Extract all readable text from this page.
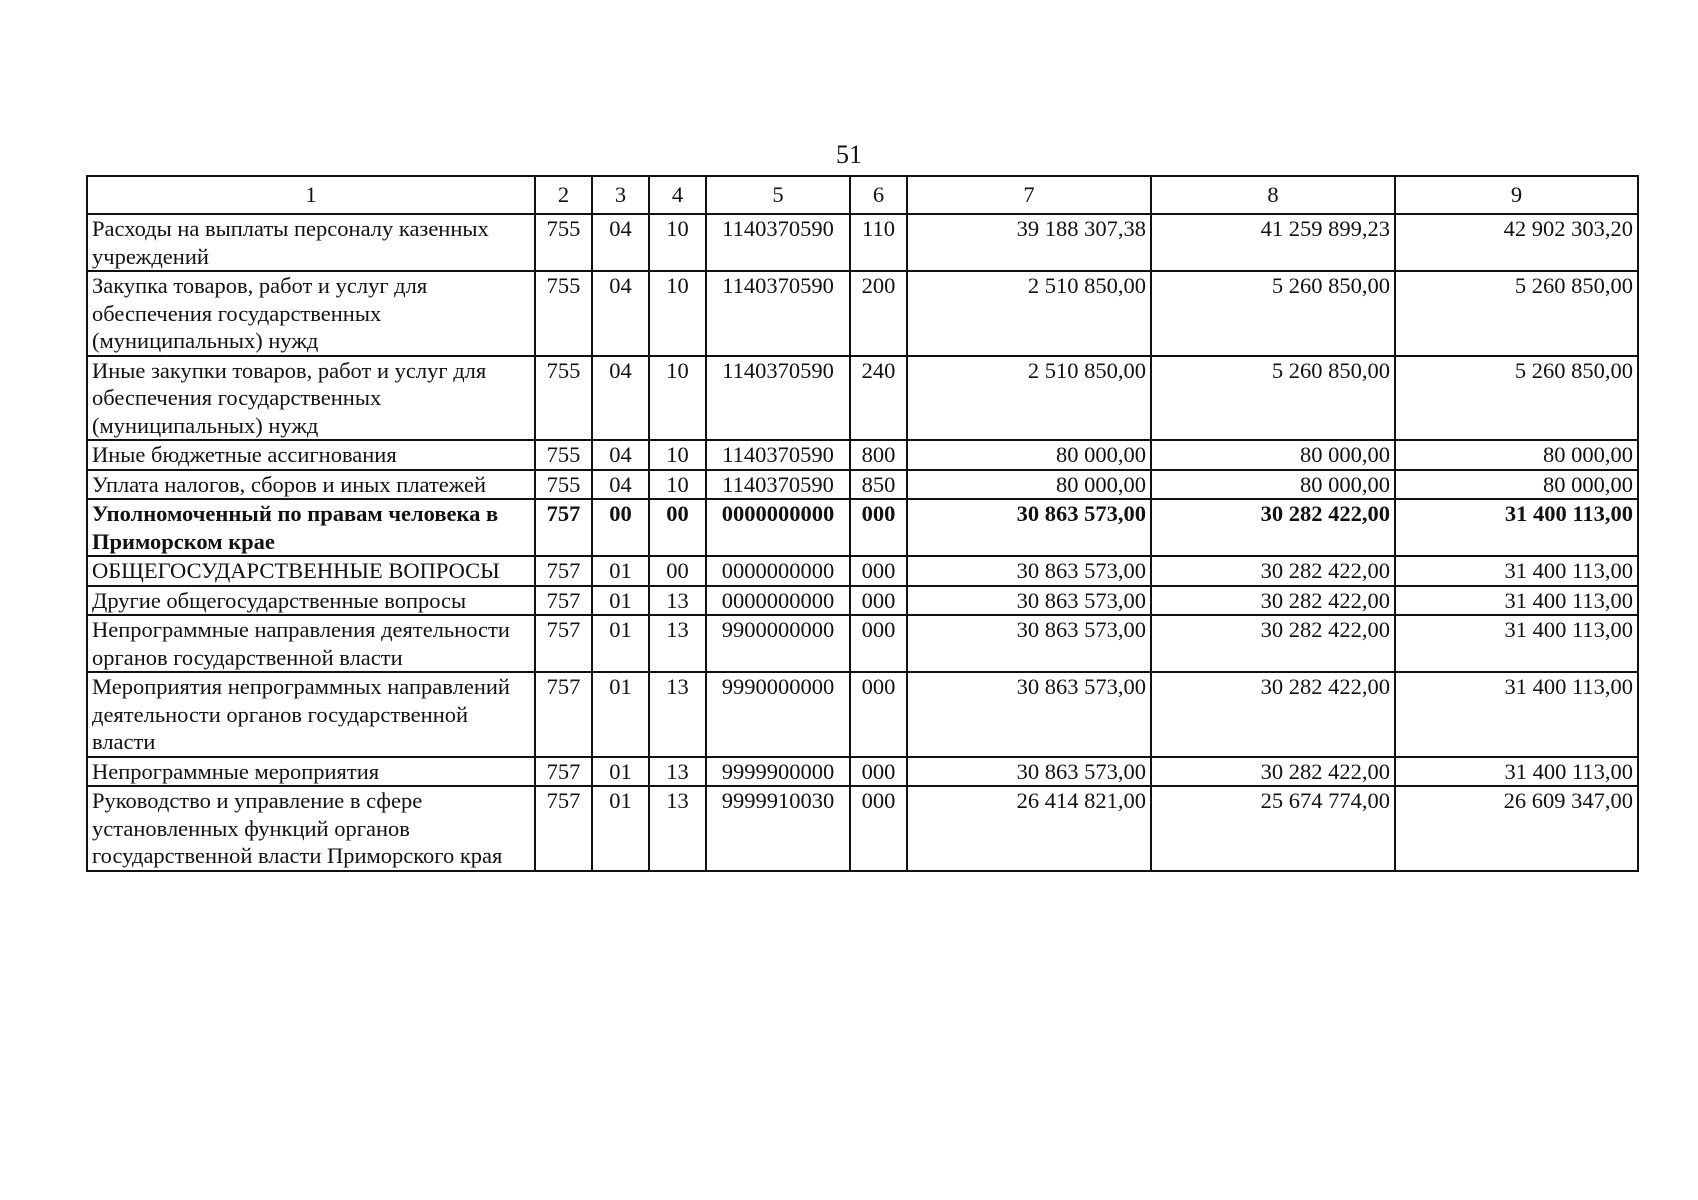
51
1	2	3	4	5	6	7	8	9
Расходы на выплаты персоналу казенных учреждений	755	04	10	1140370590	110	39 188 307,38	41 259 899,23	42 902 303,20
Закупка товаров, работ и услуг для обеспечения государственных (муниципальных) нужд	755	04	10	1140370590	200	2 510 850,00	5 260 850,00	5 260 850,00
Иные закупки товаров, работ и услуг для обеспечения государственных (муниципальных) нужд	755	04	10	1140370590	240	2 510 850,00	5 260 850,00	5 260 850,00
Иные бюджетные ассигнования	755	04	10	1140370590	800	80 000,00	80 000,00	80 000,00
Уплата налогов, сборов и иных платежей	755	04	10	1140370590	850	80 000,00	80 000,00	80 000,00
Уполномоченный по правам человека в Приморском крае	757	00	00	0000000000	000	30 863 573,00	30 282 422,00	31 400 113,00
ОБЩЕГОСУДАРСТВЕННЫЕ ВОПРОСЫ	757	01	00	0000000000	000	30 863 573,00	30 282 422,00	31 400 113,00
Другие общегосударственные вопросы	757	01	13	0000000000	000	30 863 573,00	30 282 422,00	31 400 113,00
Непрограммные направления деятельности органов государственной власти	757	01	13	9900000000	000	30 863 573,00	30 282 422,00	31 400 113,00
Мероприятия непрограммных направлений деятельности органов государственной власти	757	01	13	9990000000	000	30 863 573,00	30 282 422,00	31 400 113,00
Непрограммные мероприятия	757	01	13	9999900000	000	30 863 573,00	30 282 422,00	31 400 113,00
Руководство и управление в сфере установленных функций органов государственной власти Приморского края	757	01	13	9999910030	000	26 414 821,00	25 674 774,00	26 609 347,00
